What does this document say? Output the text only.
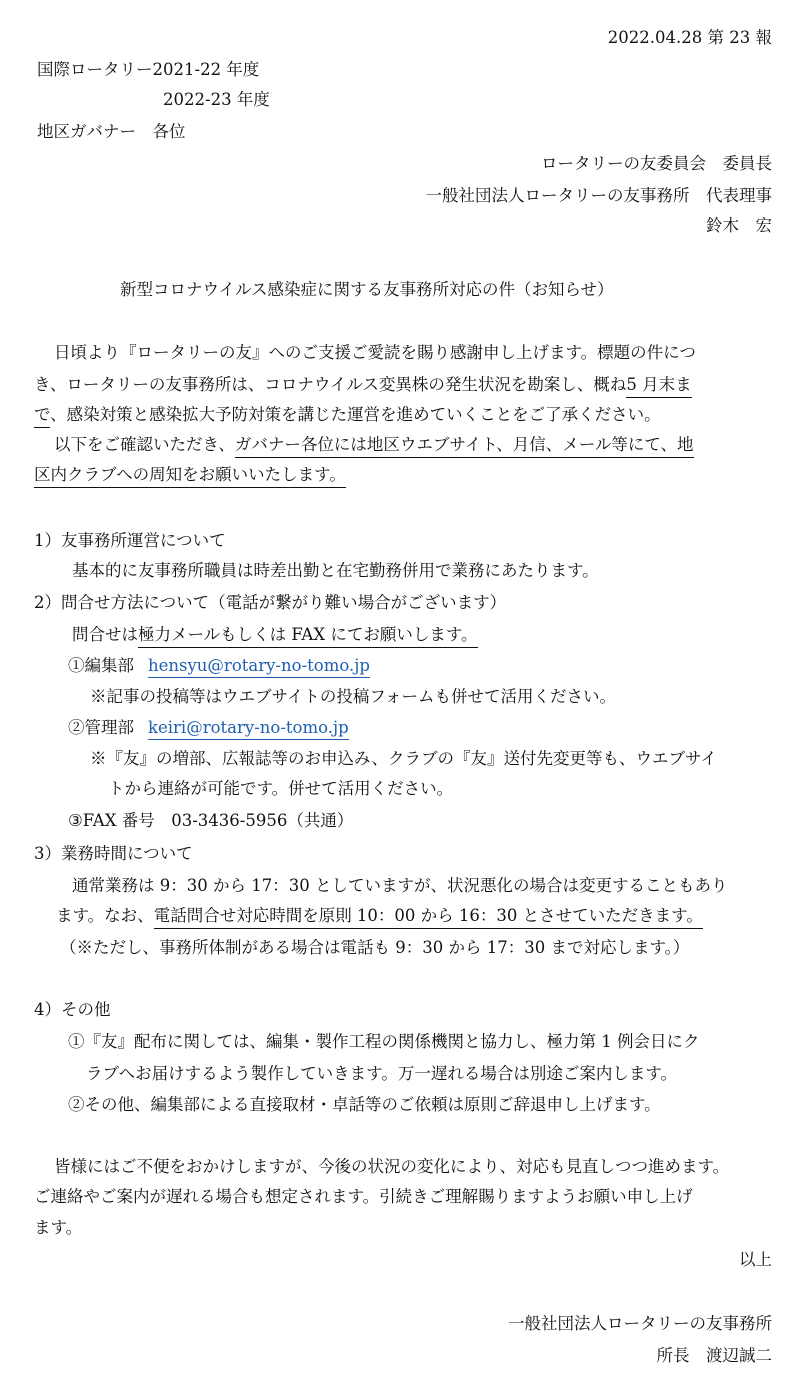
2022.04.28 第 23 報
国際ロータリー2021-22 年度
2022-23 年度
地区ガバナー　各位
ロータリーの友委員会　委員長
一般社団法人ロータリーの友事務所　代表理事
鈴木　宏
新型コロナウイルス感染症に関する友事務所対応の件（お知らせ）
日頃より『ロータリーの友』へのご支援ご愛読を賜り感謝申し上げます。標題の件につ
き、ロータリーの友事務所は、コロナウイルス変異株の発生状況を勘案し、概ね5 月末ま
で、感染対策と感染拡大予防対策を講じた運営を進めていくことをご了承ください。
以下をご確認いただき、ガバナー各位には地区ウエブサイト、月信、メール等にて、地
区内クラブへの周知をお願いいたします。
1）友事務所運営について
基本的に友事務所職員は時差出勤と在宅勤務併用で業務にあたります。
2）問合せ方法について（電話が繋がり難い場合がございます）
問合せは極力メールもしくは FAX にてお願いします。
①編集部 hensyu@rotary-no-tomo.jp
※記事の投稿等はウエブサイトの投稿フォームも併せて活用ください。
②管理部 keiri@rotary-no-tomo.jp
※『友』の増部、広報誌等のお申込み、クラブの『友』送付先変更等も、ウエブサイ
トから連絡が可能です。併せて活用ください。
③FAX 番号　03-3436-5956（共通）
3）業務時間について
通常業務は 9：30 から 17：30 としていますが、状況悪化の場合は変更することもあり
ます。なお、電話問合せ対応時間を原則 10：00 から 16：30 とさせていただきます。
（※ただし、事務所体制がある場合は電話も 9：30 から 17：30 まで対応します。）
4）その他
①『友』配布に関しては、編集・製作工程の関係機関と協力し、極力第 1 例会日にク
ラブへお届けするよう製作していきます。万一遅れる場合は別途ご案内します。
②その他、編集部による直接取材・卓話等のご依頼は原則ご辞退申し上げます。
皆様にはご不便をおかけしますが、今後の状況の変化により、対応も見直しつつ進めます。
ご連絡やご案内が遅れる場合も想定されます。引続きご理解賜りますようお願い申し上げ
ます。
以上
一般社団法人ロータリーの友事務所
所長　渡辺誠二
